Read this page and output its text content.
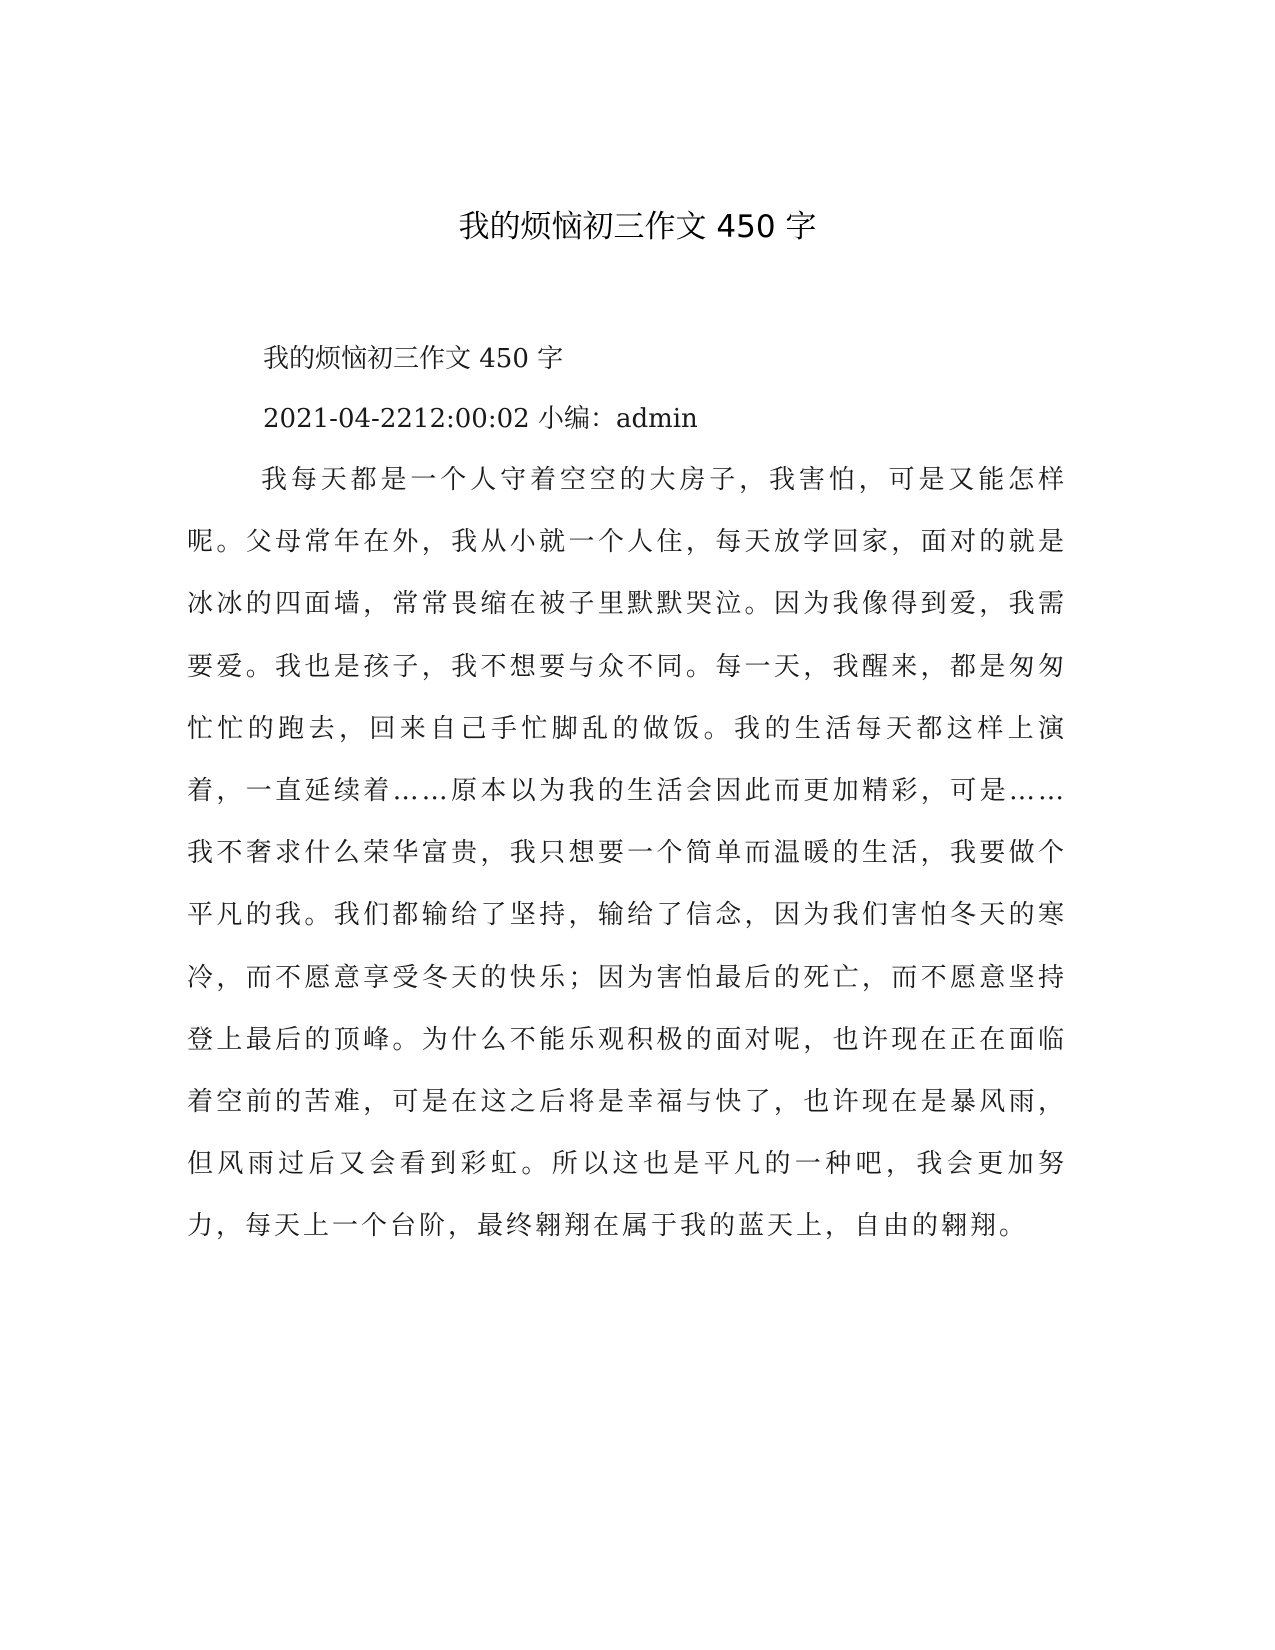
我的烦恼初三作文 450 字

我的烦恼初三作文 450 字

2021-04-2212:00:02 小编：admin

我每天都是一个人守着空空的大房子，我害怕，可是又能怎样呢。父母常年在外，我从小就一个人住，每天放学回家，面对的就是冰冰的四面墙，常常畏缩在被子里默默哭泣。因为我像得到爱，我需要爱。我也是孩子，我不想要与众不同。每一天，我醒来，都是匆匆忙忙的跑去，回来自己手忙脚乱的做饭。我的生活每天都这样上演着，一直延续着……原本以为我的生活会因此而更加精彩，可是……我不奢求什么荣华富贵，我只想要一个简单而温暖的生活，我要做个平凡的我。我们都输给了坚持，输给了信念，因为我们害怕冬天的寒冷，而不愿意享受冬天的快乐；因为害怕最后的死亡，而不愿意坚持登上最后的顶峰。为什么不能乐观积极的面对呢，也许现在正在面临着空前的苦难，可是在这之后将是幸福与快了，也许现在是暴风雨，但风雨过后又会看到彩虹。所以这也是平凡的一种吧，我会更加努力，每天上一个台阶，最终翱翔在属于我的蓝天上，自由的翱翔。
